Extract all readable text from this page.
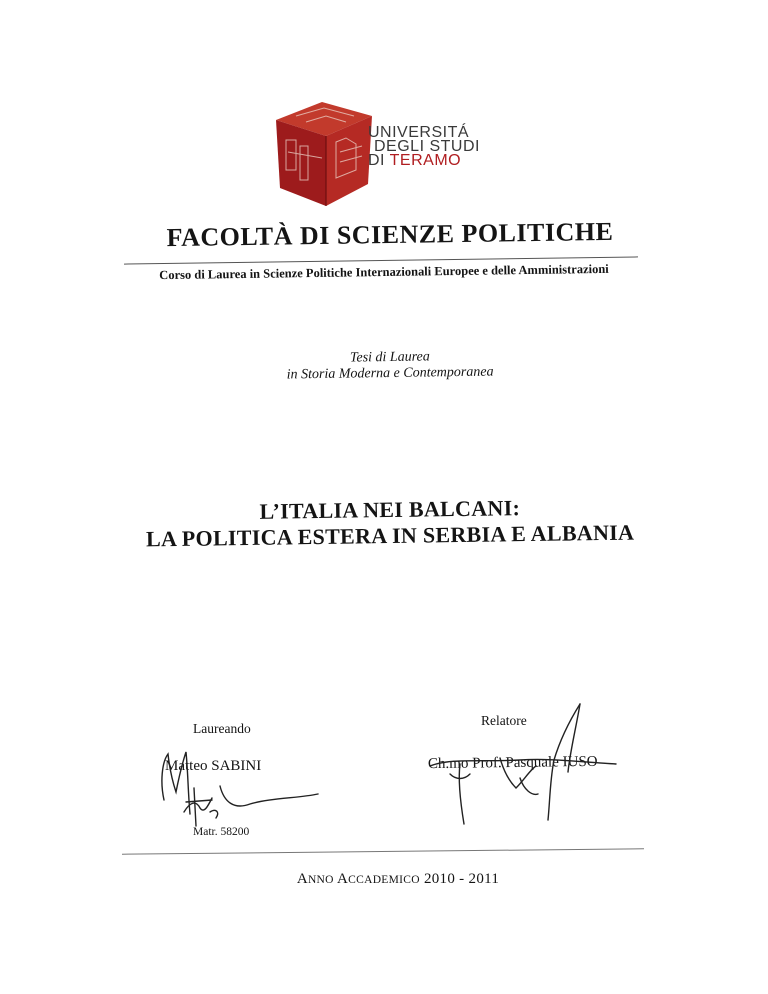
UNIVERSITÁ
DEGLI STUDI
DI TERAMO
FACOLTÀ DI SCIENZE POLITICHE
Corso di Laurea in Scienze Politiche Internazionali Europee e delle Amministrazioni
Tesi di Laurea
in Storia Moderna e Contemporanea
L’ITALIA NEI BALCANI:
LA POLITICA ESTERA IN SERBIA E ALBANIA
Laureando
Relatore
Matteo SABINI	Ch.mo Prof. Pasquale IUSO
Matr. 58200
ANNO ACCADEMICO 2010 - 2011
